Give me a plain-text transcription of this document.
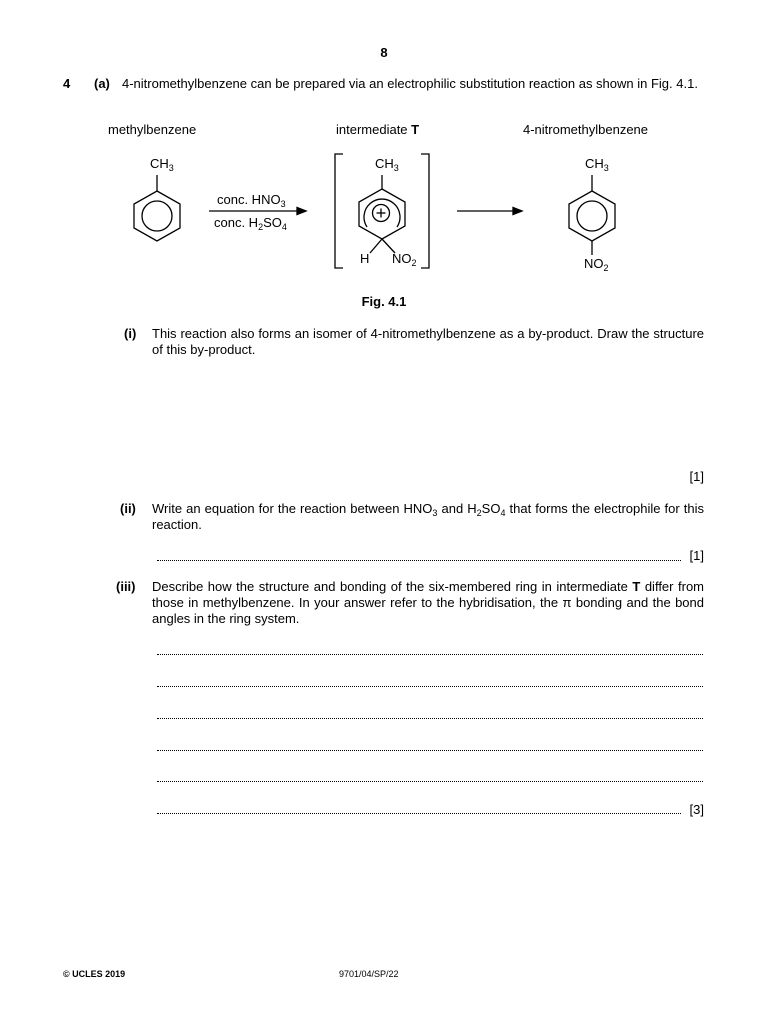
8
4 (a) 4-nitromethylbenzene can be prepared via an electrophilic substitution reaction as shown in Fig. 4.1.
methylbenzene	intermediate T	4-nitromethylbenzene
$CH_3$	$CH_3$	$CH_3$
conc. $HNO_3$
conc. $H_2SO_4$
H $NO_2$	$NO_2$
Fig. 4.1
(i) This reaction also forms an isomer of 4-nitromethylbenzene as a by-product. Draw the structure of this by-product.
[1]
(ii) Write an equation for the reaction between $HNO_3$ and $H_2SO_4$ that forms the electrophile for this reaction.
[1]
(iii) Describe how the structure and bonding of the six-membered ring in intermediate T differ from those in methylbenzene. In your answer refer to the hybridisation, the π bonding and the bond angles in the ring system.
[3]
© UCLES 2019	9701/04/SP/22
